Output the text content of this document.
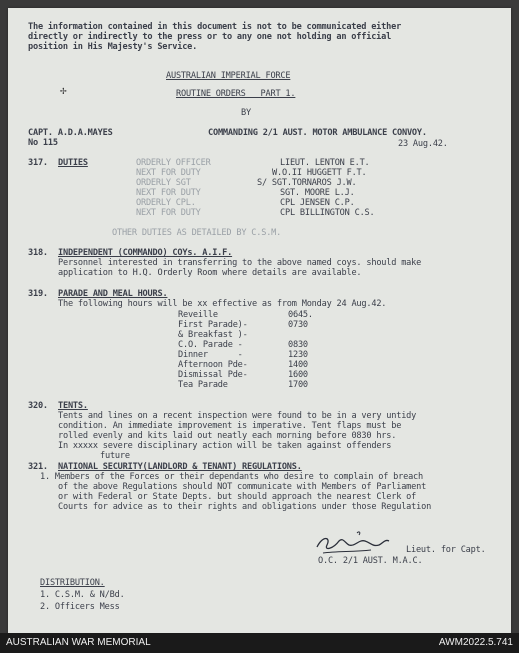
The information contained in this document is not to be communicated either
directly or indirectly to the press or to any one not holding an official
position in His Majesty's Service.
✢
AUSTRALIAN IMPERIAL FORCE
ROUTINE ORDERS   PART 1.
BY
CAPT. A.D.A.MAYES	COMMANDING 2/1 AUST. MOTOR AMBULANCE CONVOY.
No 115	23 Aug.42.
317. DUTIES	ORDERLY OFFICER	LIEUT. LENTON E.T.
NEXT FOR DUTY	W.O.II HUGGETT F.T.
ORDERLY SGT	S/ SGT.TORNAROS J.W.
NEXT FOR DUTY	SGT. MOORE L.J.
ORDERLY CPL.	CPL JENSEN C.P.
NEXT FOR DUTY	CPL BILLINGTON C.S.
OTHER DUTIES AS DETAILED BY C.S.M.
318. INDEPENDENT (COMMANDO) COYs. A.I.F.
Personnel interested in transferring to the above named coys. should make
application to H.Q. Orderly Room where details are available.
319. PARADE AND MEAL HOURS.
The following hours will be xx effective as from Monday 24 Aug.42.
Reveille	0645.
First Parade)-	0730
& Breakfast )-
C.O. Parade -	0830
Dinner      -	1230
Afternoon Pde-	1400
Dismissal Pde-	1600
Tea Parade	1700
320. TENTS.
Tents and lines on a recent inspection were found to be in a very untidy
condition. An immediate improvement is imperative. Tent flaps must be
rolled evenly and kits laid out neatly each morning before 0830 hrs.
In xxxxx severe disciplinary action will be taken against offenders
future
321. NATIONAL SECURITY(LANDLORD & TENANT) REGULATIONS.
1. Members of the Forces or their dependants who desire to complain of breach
of the above Regulations should NOT communicate with Members of Parliament
or with Federal or State Depts. but should approach the nearest Clerk of
Courts for advice as to their rights and obligations under those Regulation
Lieut. for Capt.
O.C. 2/1 AUST. M.A.C.
DISTRIBUTION.
1. C.S.M. & N/Bd.
2. Officers Mess
AUSTRALIAN WAR MEMORIAL	AWM2022.5.741
